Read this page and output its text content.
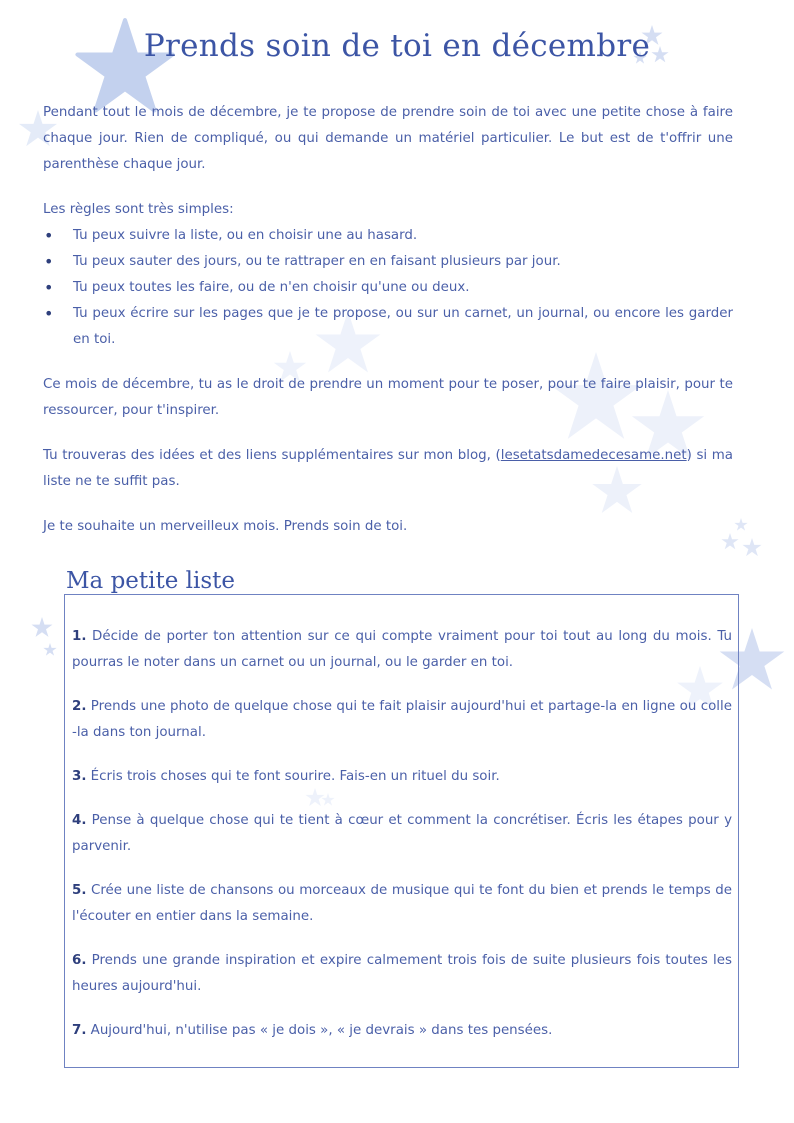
Prends soin de toi en décembre

Pendant tout le mois de décembre, je te propose de prendre soin de toi avec une petite chose à faire chaque jour. Rien de compliqué, ou qui demande un matériel particulier. Le but est de t'offrir une parenthèse chaque jour.

Les règles sont très simples:

• Tu peux suivre la liste, ou en choisir une au hasard.
• Tu peux sauter des jours, ou te rattraper en en faisant plusieurs par jour.
• Tu peux toutes les faire, ou de n'en choisir qu'une ou deux.
• Tu peux écrire sur les pages que je te propose, ou sur un carnet, un journal, ou encore les garder en toi.

Ce mois de décembre, tu as le droit de prendre un moment pour te poser, pour te faire plaisir, pour te ressourcer, pour t'inspirer.

Tu trouveras des idées et des liens supplémentaires sur mon blog, (lesetatsdamedecesame.net) si ma liste ne te suffit pas.

Je te souhaite un merveilleux mois. Prends soin de toi.

Ma petite liste

1. Décide de porter ton attention sur ce qui compte vraiment pour toi tout au long du mois. Tu pourras le noter dans un carnet ou un journal, ou le garder en toi.

2. Prends une photo de quelque chose qui te fait plaisir aujourd'hui et partage-la en ligne ou colle -la dans ton journal.

3. Écris trois choses qui te font sourire. Fais-en un rituel du soir.

4. Pense à quelque chose qui te tient à cœur et comment la concrétiser. Écris les étapes pour y parvenir.

5. Crée une liste de chansons ou morceaux de musique qui te font du bien et prends le temps de l'écouter en entier dans la semaine.

6. Prends une grande inspiration et expire calmement trois fois de suite plusieurs fois toutes les heures aujourd'hui.

7. Aujourd'hui, n'utilise pas « je dois », « je devrais » dans tes pensées.
